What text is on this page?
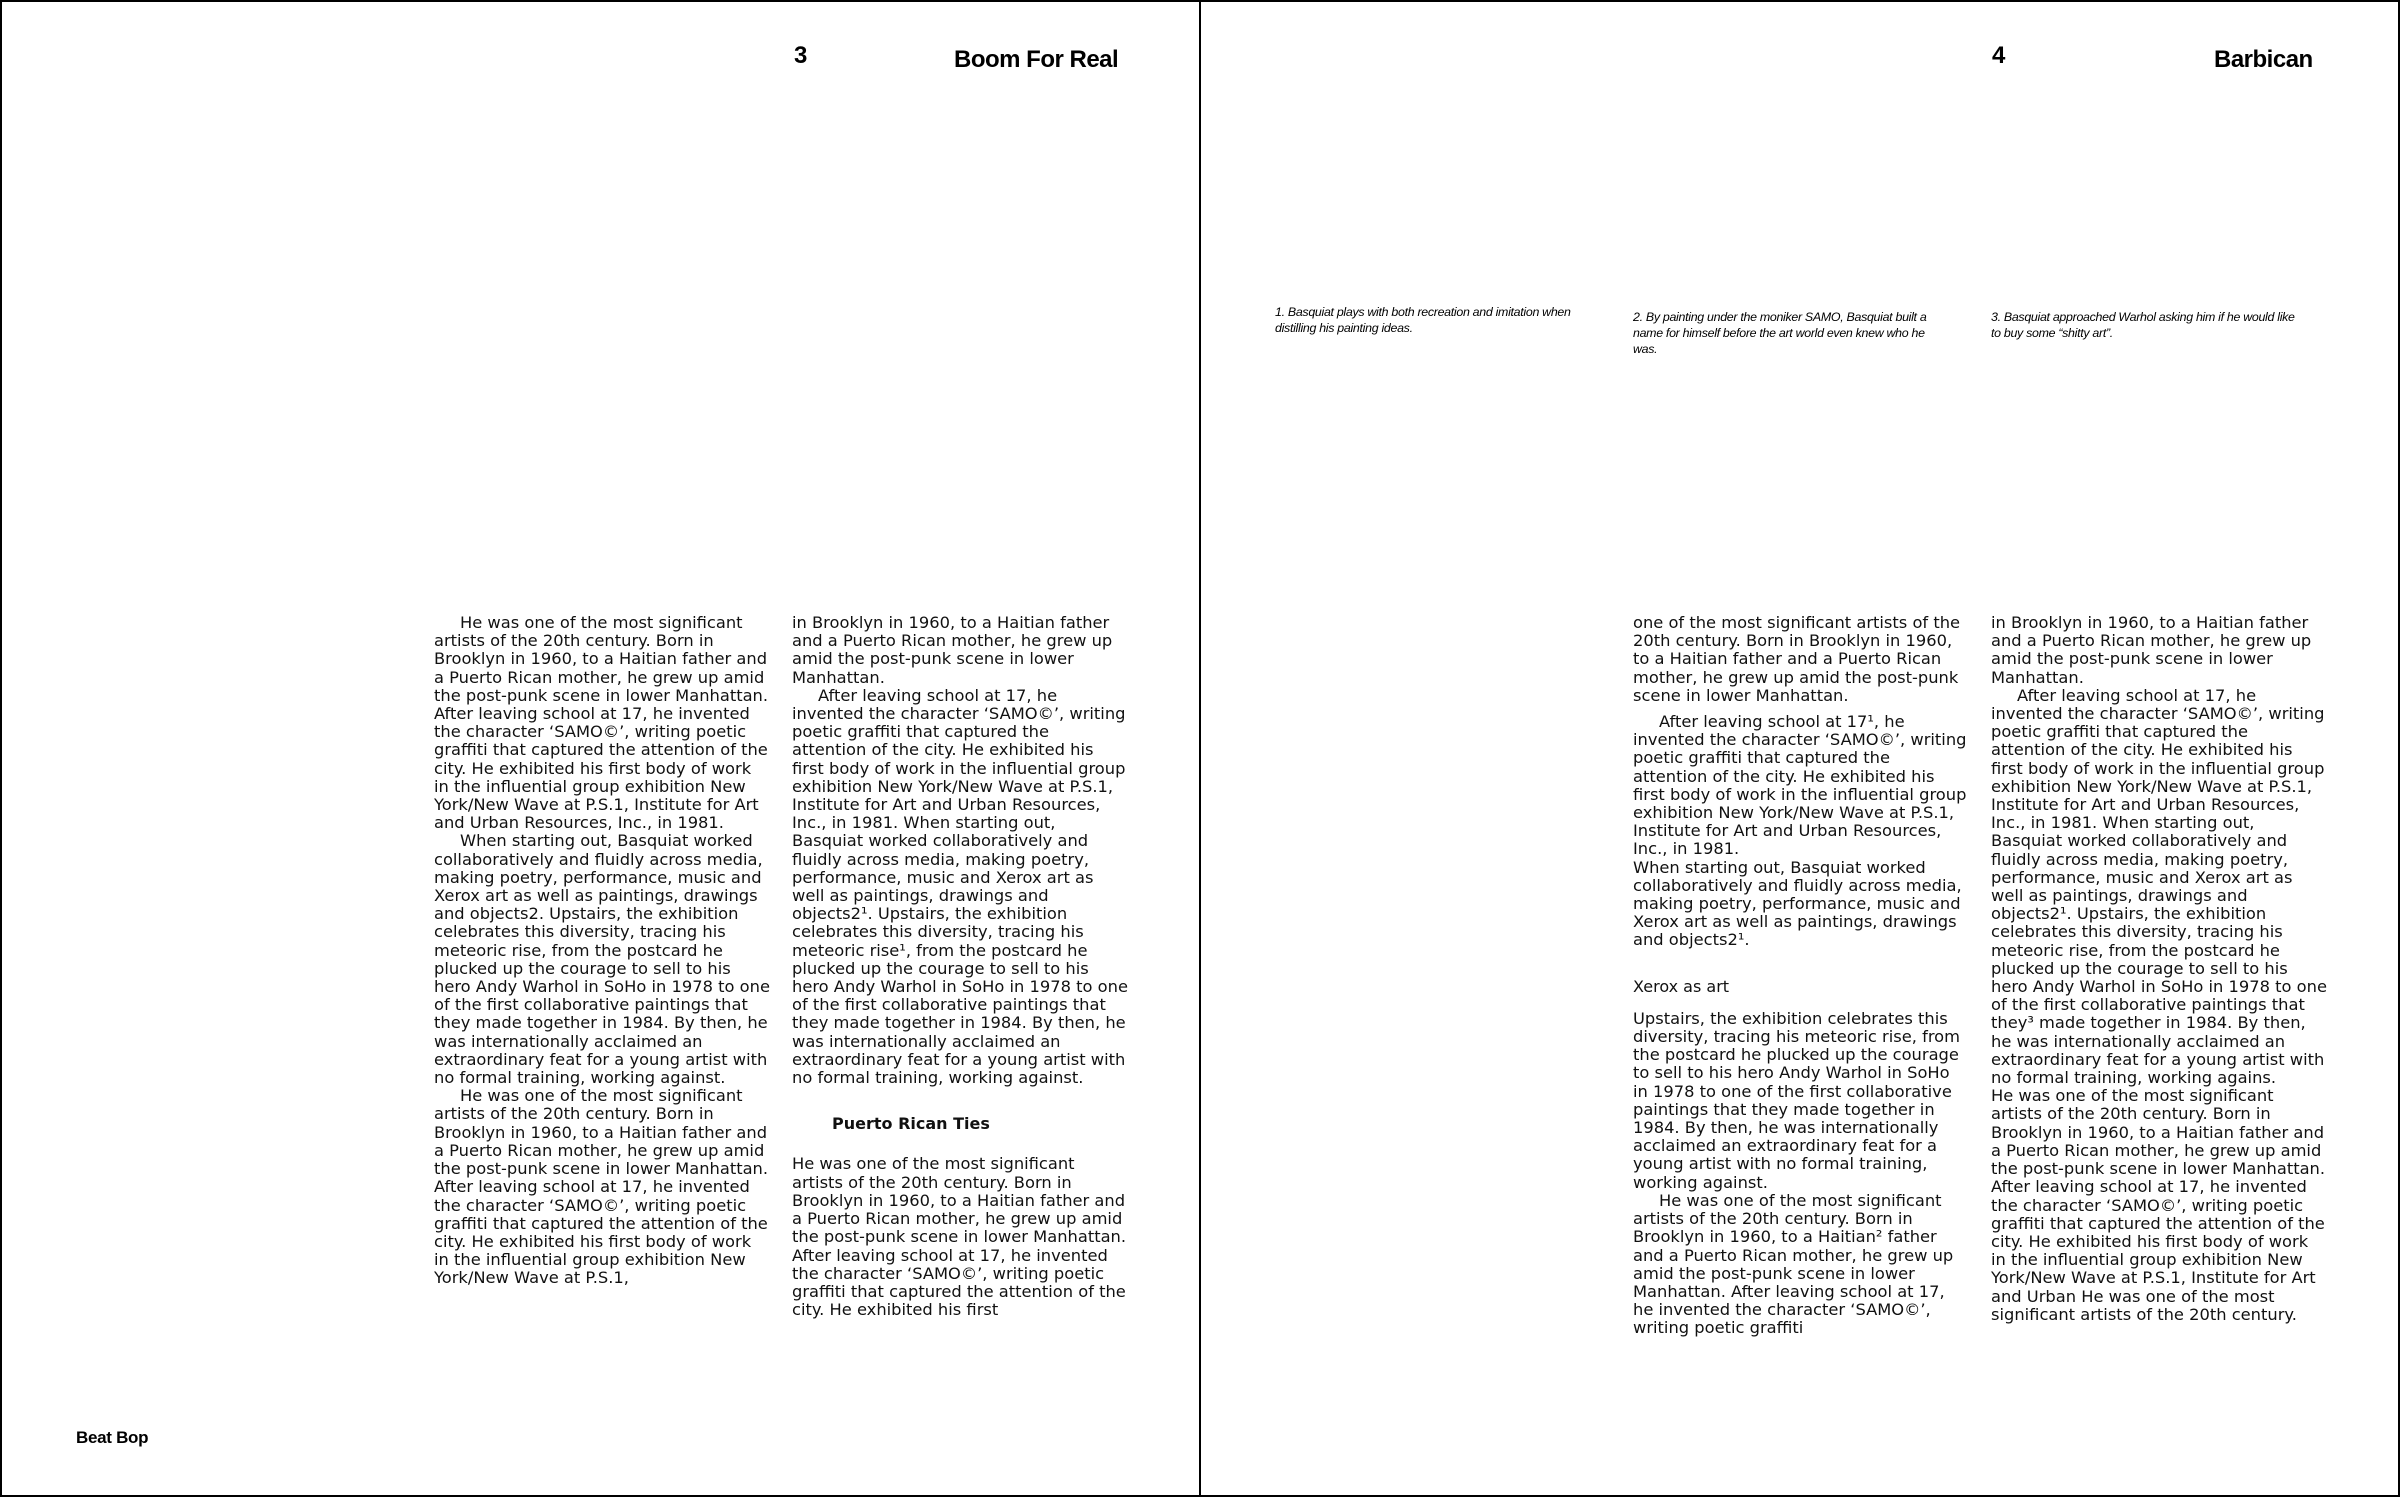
3	Boom For Real

He was one of the most significant artists of the 20th century. Born in Brooklyn in 1960, to a Haitian father and a Puerto Rican mother, he grew up amid the post-punk scene in lower Manhattan. After leaving school at 17, he invented the character ‘SAMO©’, writing poetic graffiti that captured the attention of the city. He exhibited his first body of work in the influential group exhibition New York/New Wave at P.S.1, Institute for Art and Urban Resources, Inc., in 1981.

When starting out, Basquiat worked collaboratively and fluidly across media, making poetry, performance, music and Xerox art as well as paintings, drawings and objects2. Upstairs, the exhibition celebrates this diversity, tracing his meteoric rise, from the postcard he plucked up the courage to sell to his hero Andy Warhol in SoHo in 1978 to one of the first collaborative paintings that they made together in 1984. By then, he was internationally acclaimed an extraordinary feat for a young artist with no formal training, working against.

He was one of the most significant artists of the 20th century. Born in Brooklyn in 1960, to a Haitian father and a Puerto Rican mother, he grew up amid the post-punk scene in lower Manhattan. After leaving school at 17, he invented the character ‘SAMO©’, writing poetic graffiti that captured the attention of the city. He exhibited his first body of work in the influential group exhibition New York/New Wave at P.S.1,

in Brooklyn in 1960, to a Haitian father and a Puerto Rican mother, he grew up amid the post-punk scene in lower Manhattan.

After leaving school at 17, he invented the character ‘SAMO©’, writing poetic graffiti that captured the attention of the city. He exhibited his first body of work in the influential group exhibition New York/New Wave at P.S.1, Institute for Art and Urban Resources, Inc., in 1981. When starting out, Basquiat worked collaboratively and fluidly across media, making poetry, performance, music and Xerox art as well as paintings, drawings and objects2¹. Upstairs, the exhibition celebrates this diversity, tracing his meteoric rise¹, from the postcard he plucked up the courage to sell to his hero Andy Warhol in SoHo in 1978 to one of the first collaborative paintings that they made together in 1984. By then, he was internationally acclaimed an extraordinary feat for a young artist with no formal training, working against.

Puerto Rican Ties

He was one of the most significant artists of the 20th century. Born in Brooklyn in 1960, to a Haitian father and a Puerto Rican mother, he grew up amid the post-punk scene in lower Manhattan. After leaving school at 17, he invented the character ‘SAMO©’, writing poetic graffiti that captured the attention of the city. He exhibited his first

Beat Bop
4	Barbican
1. Basquiat plays with both recreation and imitation when distilling his painting ideas.
2. By painting under the moniker SAMO, Basquiat built a name for himself before the art world even knew who he was.
3. Basquiat approached Warhol asking him if he would like to buy some “shitty art”.

one of the most significant artists of the 20th century. Born in Brooklyn in 1960, to a Haitian father and a Puerto Rican mother, he grew up amid the post-punk scene in lower Manhattan.

After leaving school at 17¹, he invented the character ‘SAMO©’, writing poetic graffiti that captured the attention of the city. He exhibited his first body of work in the influential group exhibition New York/New Wave at P.S.1, Institute for Art and Urban Resources, Inc., in 1981.

When starting out, Basquiat worked collaboratively and fluidly across media, making poetry, performance, music and Xerox art as well as paintings, drawings and objects2¹.

Xerox as art

Upstairs, the exhibition celebrates this diversity, tracing his meteoric rise, from the postcard he plucked up the courage to sell to his hero Andy Warhol in SoHo in 1978 to one of the first collaborative paintings that they made together in 1984. By then, he was internationally acclaimed an extraordinary feat for a young artist with no formal training, working against.

He was one of the most significant artists of the 20th century. Born in Brooklyn in 1960, to a Haitian² father and a Puerto Rican mother, he grew up amid the post-punk scene in lower Manhattan. After leaving school at 17, he invented the character ‘SAMO©’, writing poetic graffiti

in Brooklyn in 1960, to a Haitian father and a Puerto Rican mother, he grew up amid the post-punk scene in lower Manhattan.

After leaving school at 17, he invented the character ‘SAMO©’, writing poetic graffiti that captured the attention of the city. He exhibited his first body of work in the influential group exhibition New York/New Wave at P.S.1, Institute for Art and Urban Resources, Inc., in 1981. When starting out, Basquiat worked collaboratively and fluidly across media, making poetry, performance, music and Xerox art as well as paintings, drawings and objects2¹. Upstairs, the exhibition celebrates this diversity, tracing his meteoric rise, from the postcard he plucked up the courage to sell to his hero Andy Warhol in SoHo in 1978 to one of the first collaborative paintings that they³ made together in 1984. By then, he was internationally acclaimed an extraordinary feat for a young artist with no formal training, working agains.

He was one of the most significant artists of the 20th century. Born in Brooklyn in 1960, to a Haitian father and a Puerto Rican mother, he grew up amid the post-punk scene in lower Manhattan. After leaving school at 17, he invented the character ‘SAMO©’, writing poetic graffiti that captured the attention of the city. He exhibited his first body of work in the influential group exhibition New York/New Wave at P.S.1, Institute for Art and Urban He was one of the most significant artists of the 20th century.
